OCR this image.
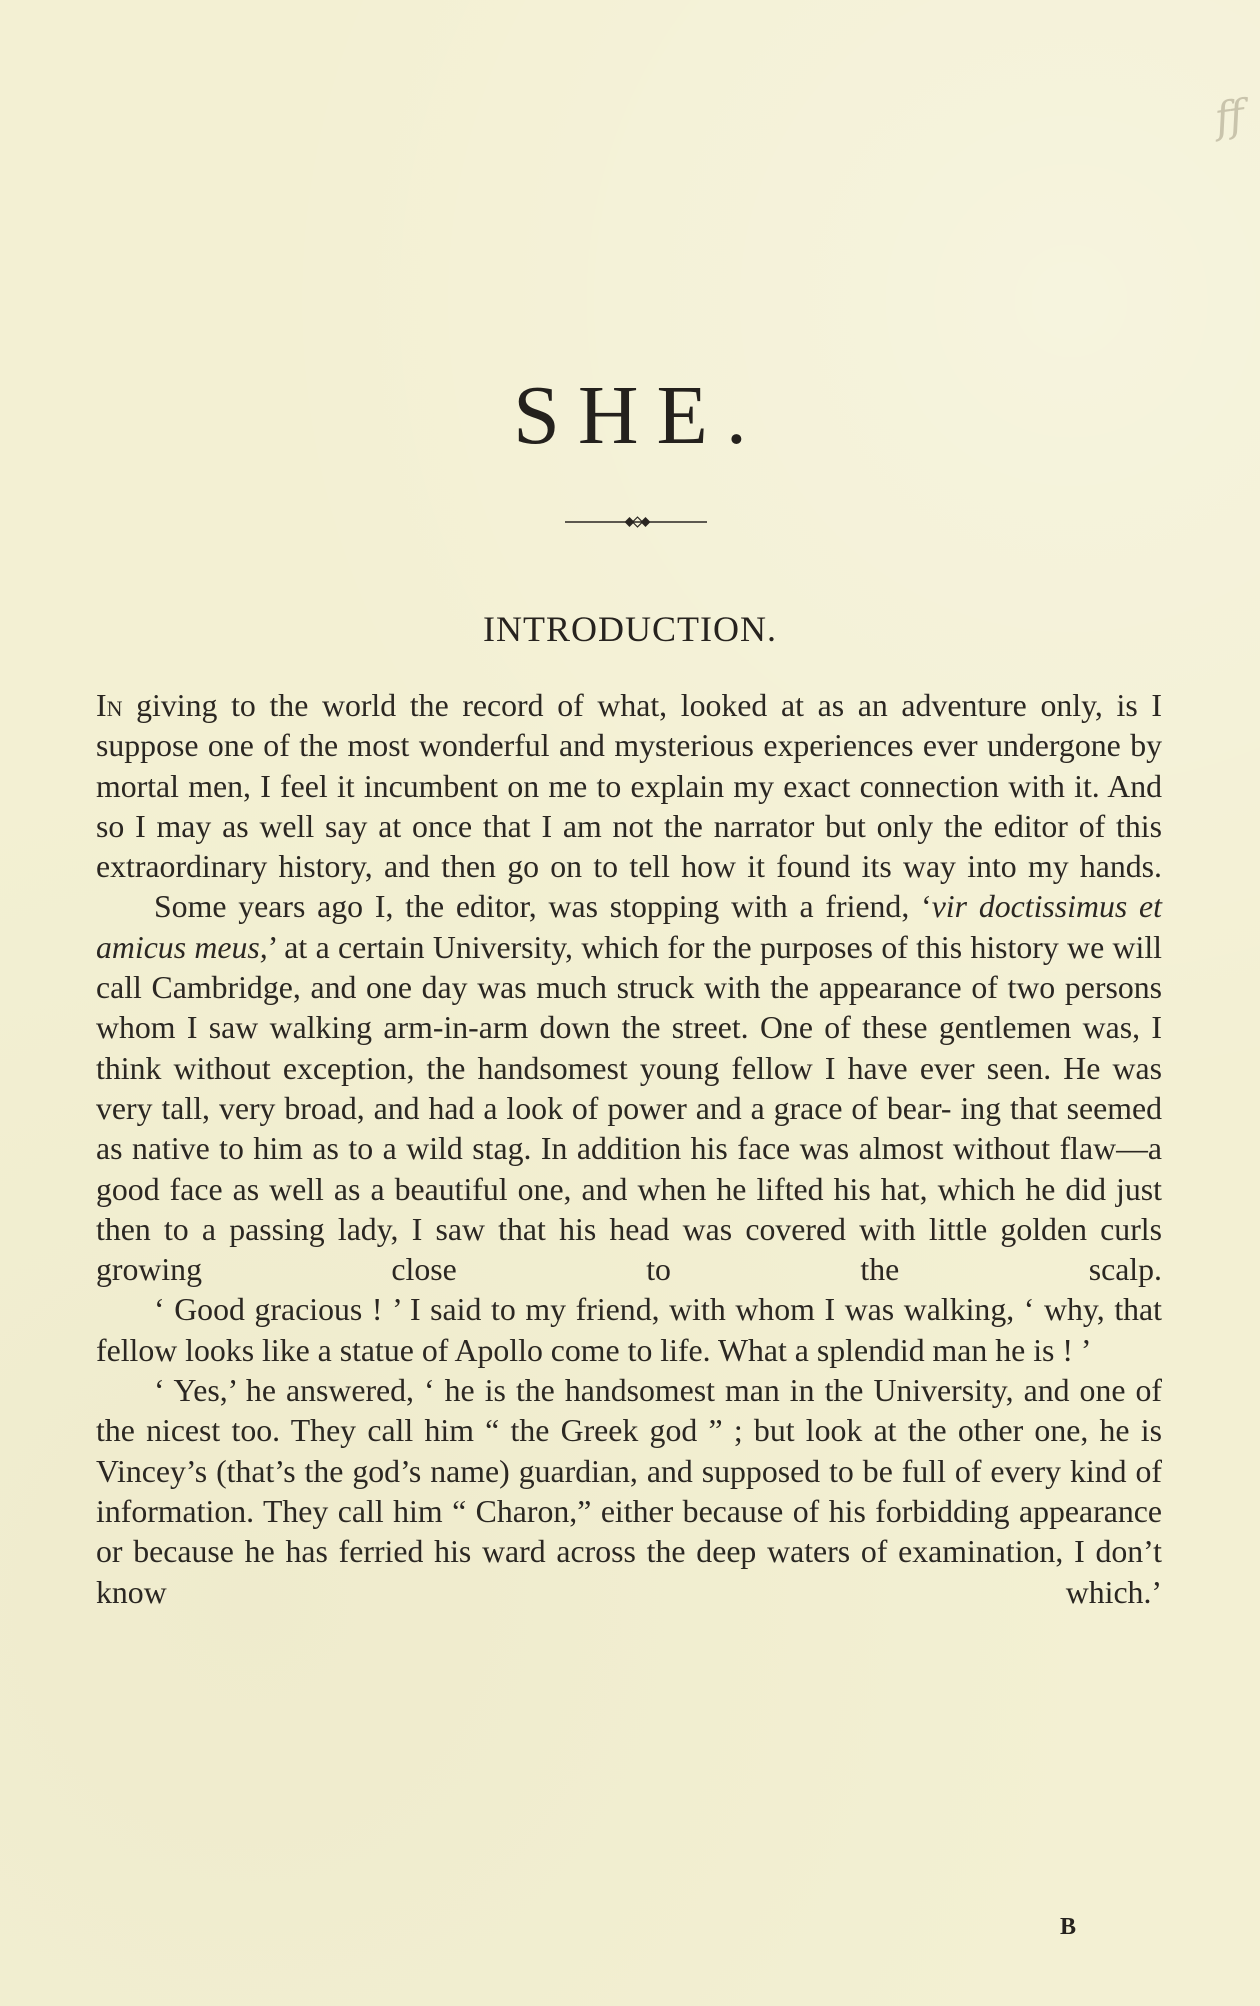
ff
SHE.
INTRODUCTION.

In giving to the world the record of what, looked at as an adventure only, is I suppose one of the most wonderful and mysterious experiences ever undergone by mortal men, I feel it incumbent on me to explain my exact connection with it. And so I may as well say at once that I am not the narrator but only the editor of this extraordinary history, and then go on to tell how it found its way into my hands.

Some years ago I, the editor, was stopping with a friend, ‘vir doctissimus et amicus meus,’ at a certain University, which for the purposes of this history we will call Cambridge, and one day was much struck with the appearance of two persons whom I saw walking arm-in-arm down the street. One of these gentlemen was, I think without exception, the handsomest young fellow I have ever seen. He was very tall, very broad, and had a look of power and a grace of bear- ing that seemed as native to him as to a wild stag. In addition his face was almost without flaw—a good face as well as a beautiful one, and when he lifted his hat, which he did just then to a passing lady, I saw that his head was covered with little golden curls growing close to the scalp.

‘ Good gracious ! ’ I said to my friend, with whom I was walking, ‘ why, that fellow looks like a statue of Apollo come to life. What a splendid man he is ! ’

‘ Yes,’ he answered, ‘ he is the handsomest man in the University, and one of the nicest too. They call him “ the Greek god ” ; but look at the other one, he is Vincey’s (that’s the god’s name) guardian, and supposed to be full of every kind of information. They call him “ Charon,” either because of his forbidding appearance or because he has ferried his ward across the deep waters of examination, I don’t know which.’

B
